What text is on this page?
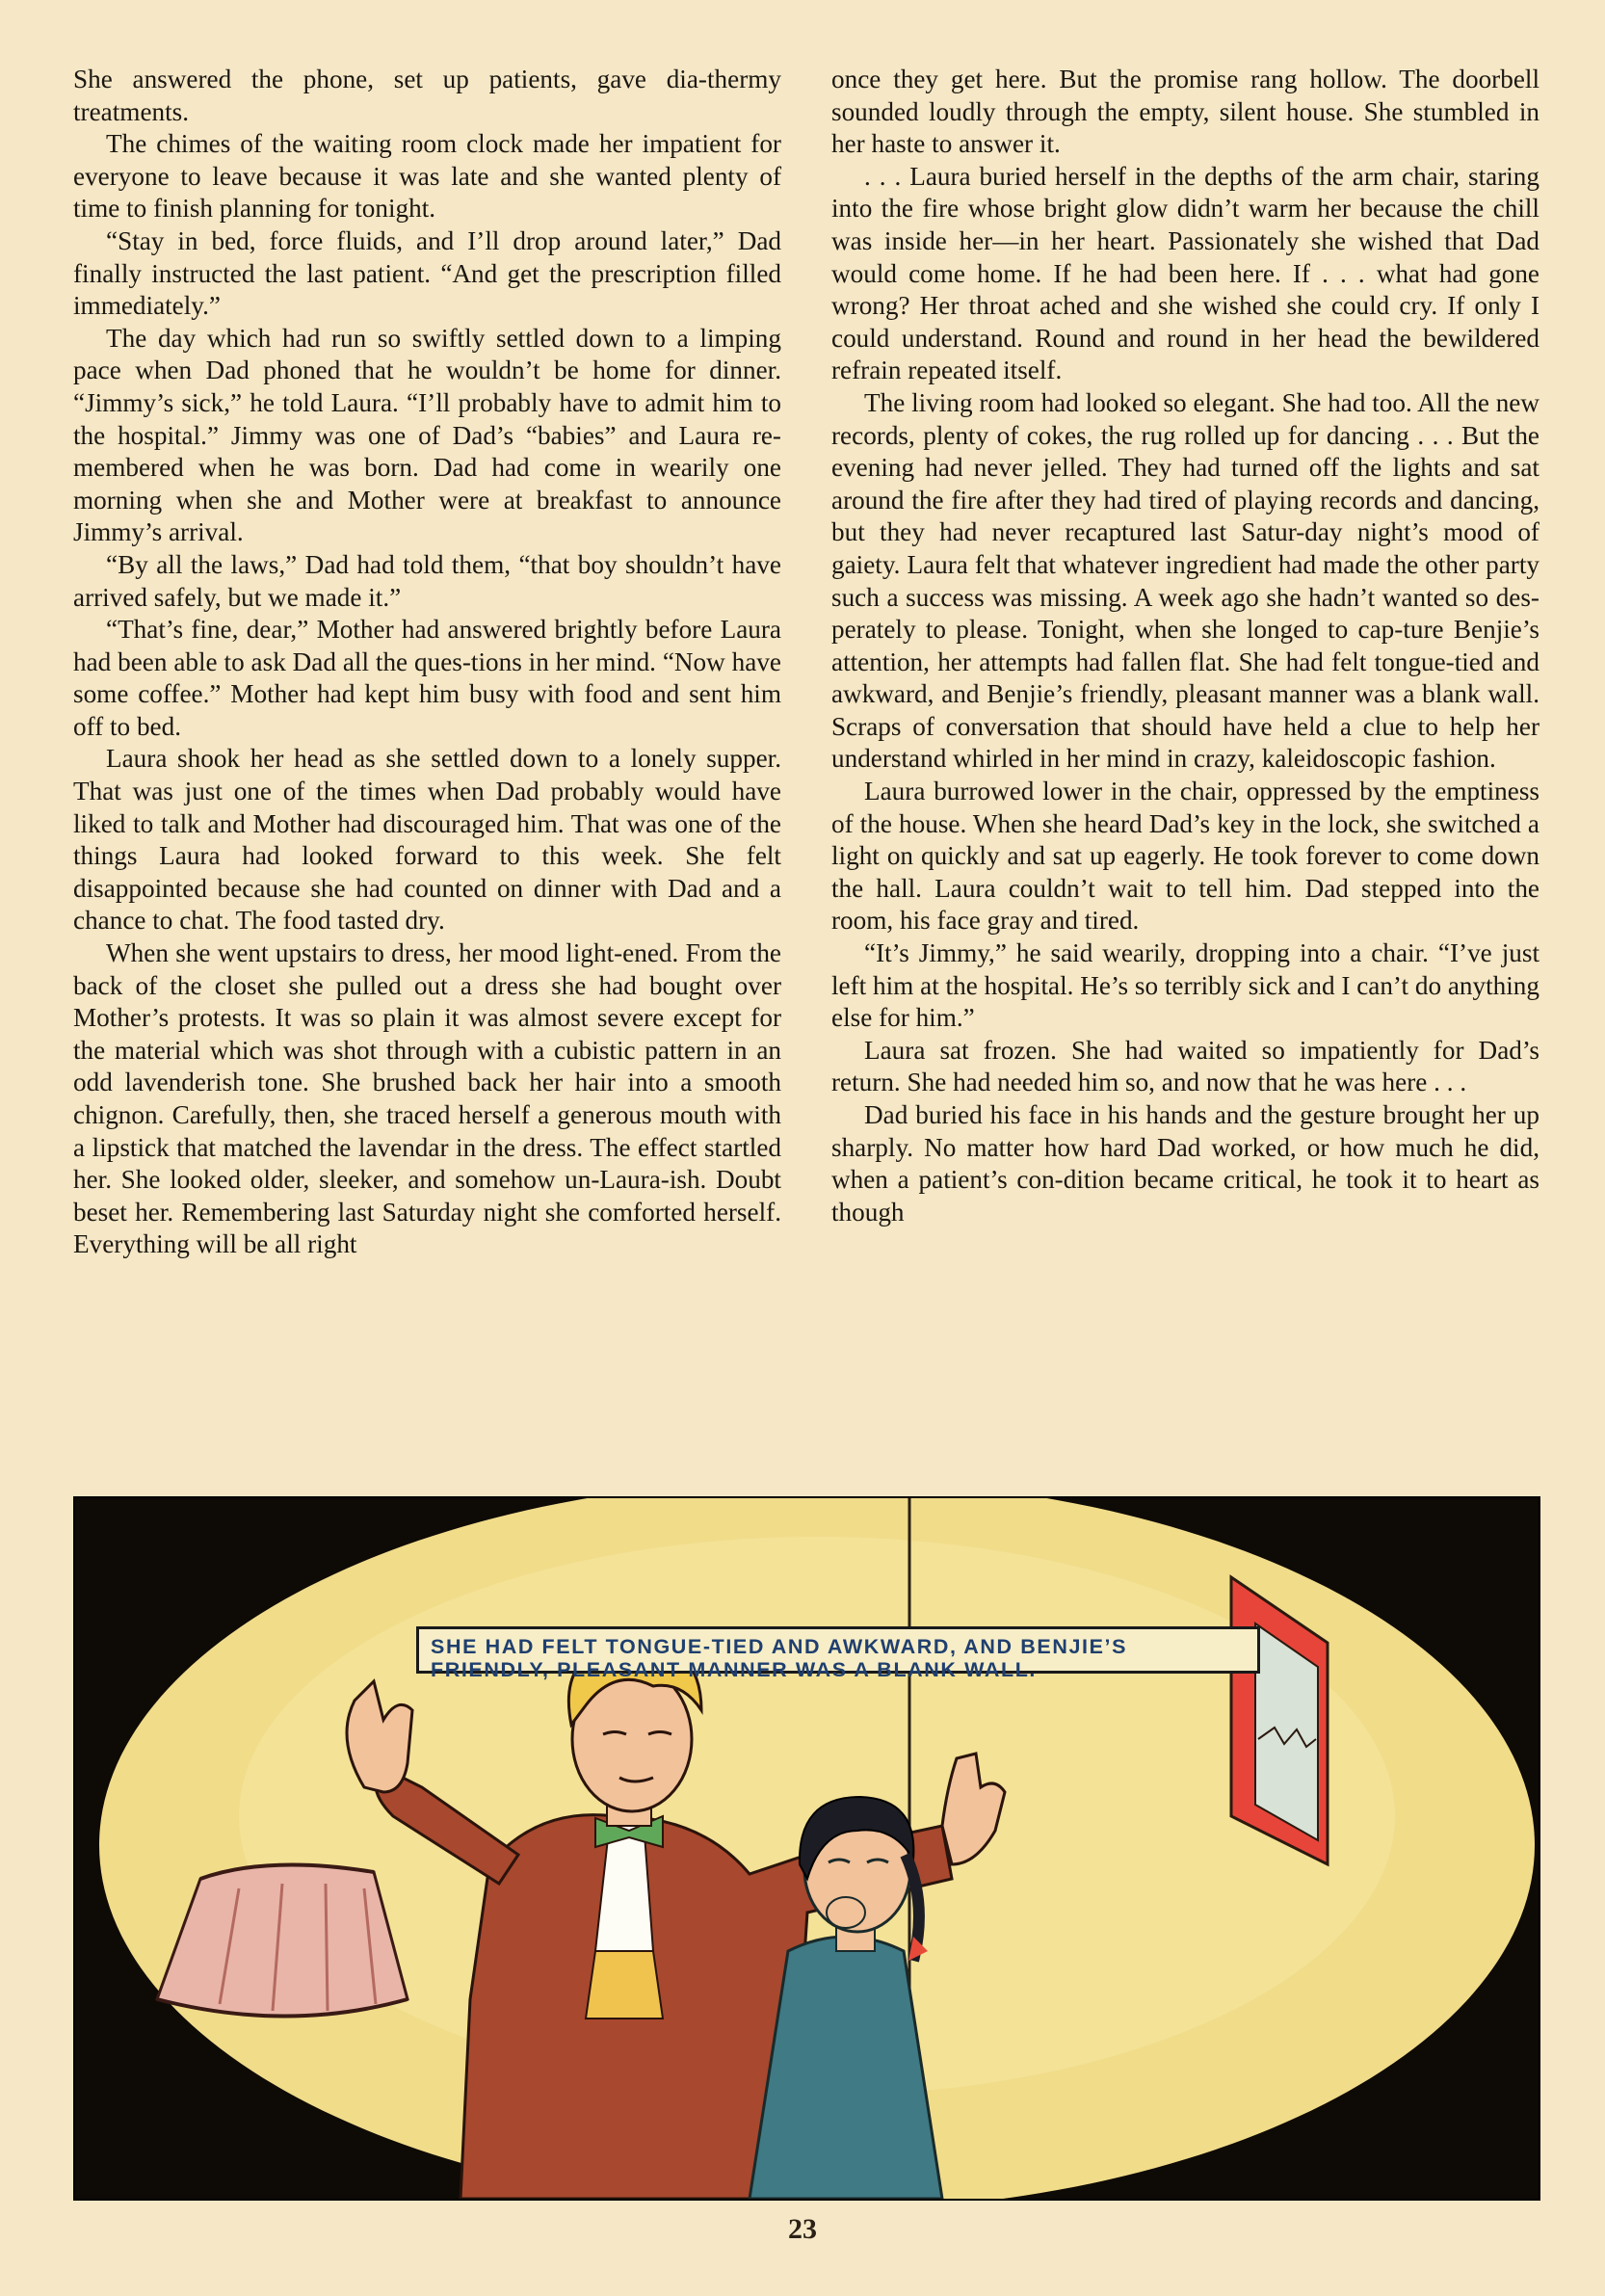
She answered the phone, set up patients, gave dia-thermy treatments.

The chimes of the waiting room clock made her impatient for everyone to leave because it was late and she wanted plenty of time to finish planning for tonight.

“Stay in bed, force fluids, and I’ll drop around later,” Dad finally instructed the last patient. “And get the prescription filled immediately.”

The day which had run so swiftly settled down to a limping pace when Dad phoned that he wouldn’t be home for dinner. “Jimmy’s sick,” he told Laura. “I’ll probably have to admit him to the hospital.” Jimmy was one of Dad’s “babies” and Laura re-membered when he was born. Dad had come in wearily one morning when she and Mother were at breakfast to announce Jimmy’s arrival.

“By all the laws,” Dad had told them, “that boy shouldn’t have arrived safely, but we made it.”

“That’s fine, dear,” Mother had answered brightly before Laura had been able to ask Dad all the ques-tions in her mind. “Now have some coffee.” Mother had kept him busy with food and sent him off to bed.

Laura shook her head as she settled down to a lonely supper. That was just one of the times when Dad probably would have liked to talk and Mother had discouraged him. That was one of the things Laura had looked forward to this week. She felt disappointed because she had counted on dinner with Dad and a chance to chat. The food tasted dry.

When she went upstairs to dress, her mood light-ened. From the back of the closet she pulled out a dress she had bought over Mother’s protests. It was so plain it was almost severe except for the material which was shot through with a cubistic pattern in an odd lavenderish tone. She brushed back her hair into a smooth chignon. Carefully, then, she traced herself a generous mouth with a lipstick that matched the lavendar in the dress. The effect startled her. She looked older, sleeker, and somehow un-Laura-ish. Doubt beset her. Remembering last Saturday night she comforted herself. Everything will be all right

once they get here. But the promise rang hollow. The doorbell sounded loudly through the empty, silent house. She stumbled in her haste to answer it.

. . . Laura buried herself in the depths of the arm chair, staring into the fire whose bright glow didn’t warm her because the chill was inside her—in her heart. Passionately she wished that Dad would come home. If he had been here. If . . . what had gone wrong? Her throat ached and she wished she could cry. If only I could understand. Round and round in her head the bewildered refrain repeated itself.

The living room had looked so elegant. She had too. All the new records, plenty of cokes, the rug rolled up for dancing . . . But the evening had never jelled. They had turned off the lights and sat around the fire after they had tired of playing records and dancing, but they had never recaptured last Satur-day night’s mood of gaiety. Laura felt that whatever ingredient had made the other party such a success was missing. A week ago she hadn’t wanted so des-perately to please. Tonight, when she longed to cap-ture Benjie’s attention, her attempts had fallen flat. She had felt tongue-tied and awkward, and Benjie’s friendly, pleasant manner was a blank wall. Scraps of conversation that should have held a clue to help her understand whirled in her mind in crazy, kaleidoscopic fashion.

Laura burrowed lower in the chair, oppressed by the emptiness of the house. When she heard Dad’s key in the lock, she switched a light on quickly and sat up eagerly. He took forever to come down the hall. Laura couldn’t wait to tell him. Dad stepped into the room, his face gray and tired.

“It’s Jimmy,” he said wearily, dropping into a chair. “I’ve just left him at the hospital. He’s so terribly sick and I can’t do anything else for him.”

Laura sat frozen. She had waited so impatiently for Dad’s return. She had needed him so, and now that he was here . . .

Dad buried his face in his hands and the gesture brought her up sharply. No matter how hard Dad worked, or how much he did, when a patient’s con-dition became critical, he took it to heart as though

SHE HAD FELT TONGUE-TIED AND AWKWARD, AND BENJIE’S FRIENDLY, PLEASANT MANNER WAS A BLANK WALL.
23
